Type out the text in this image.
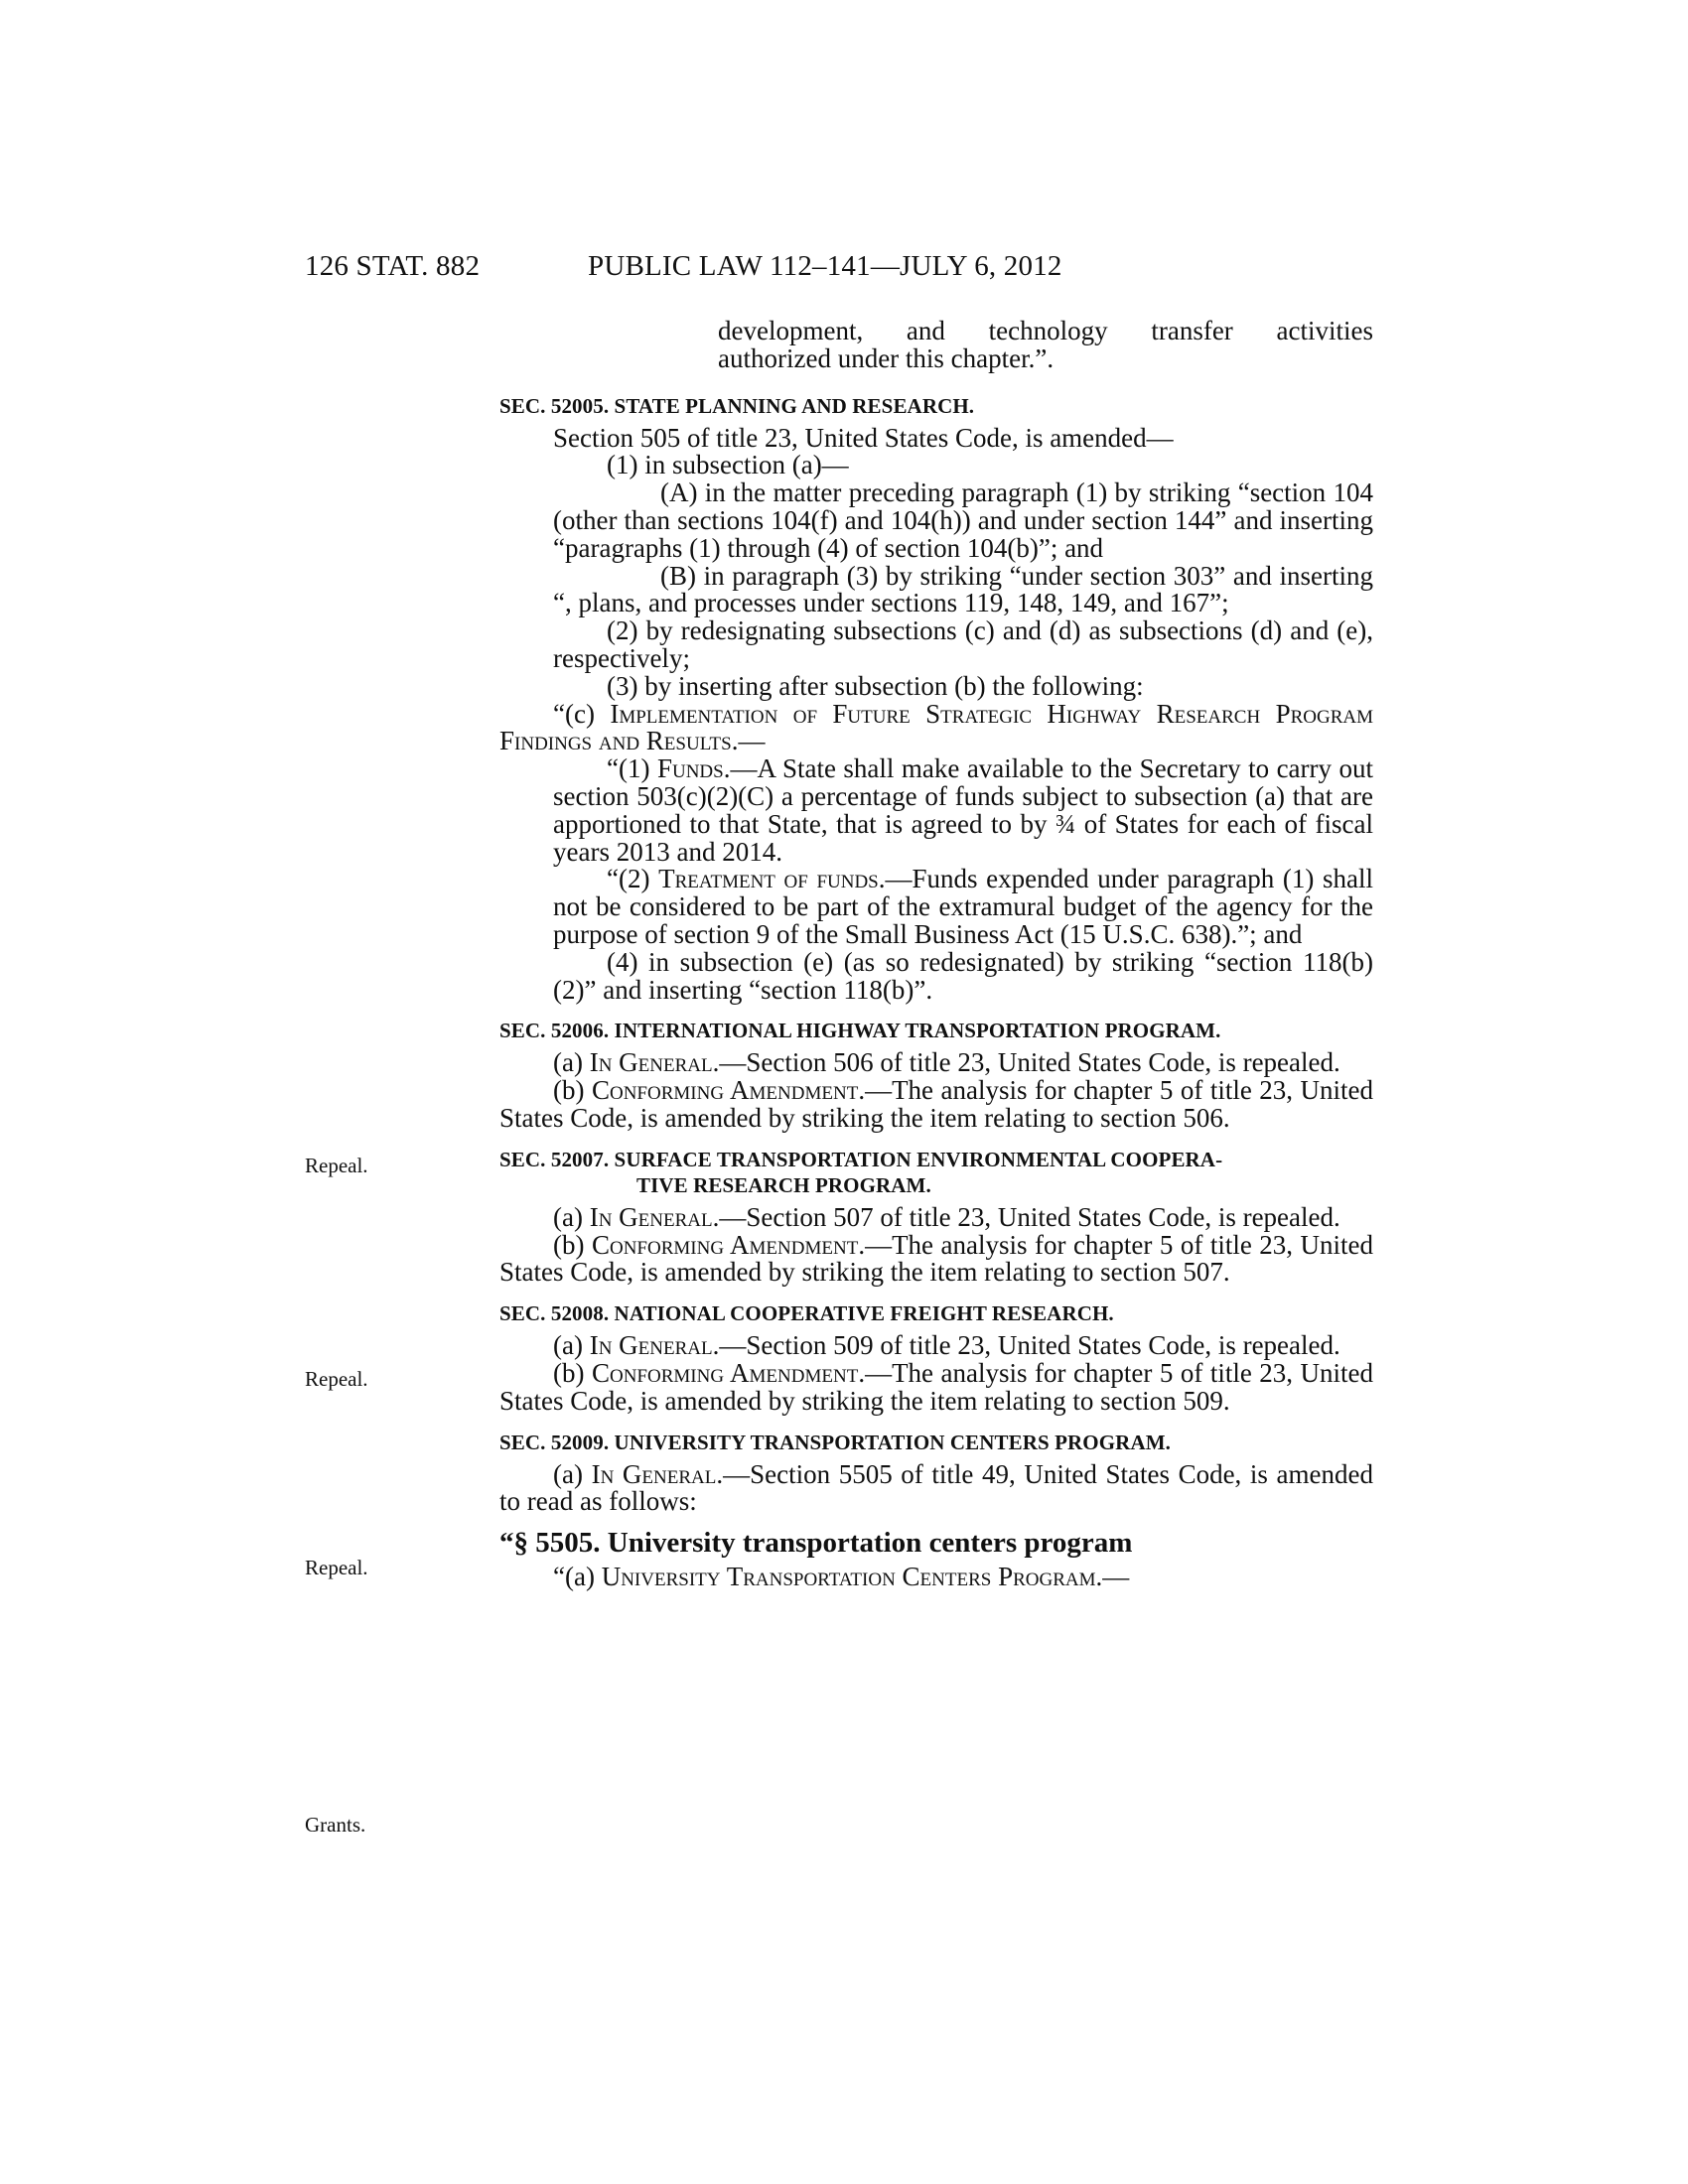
126 STAT. 882	PUBLIC LAW 112–141—JULY 6, 2012
Repeal.
Repeal.
Repeal.
Grants.

development, and technology transfer activities
authorized under this chapter.”.

SEC. 52005. STATE PLANNING AND RESEARCH.

Section 505 of title 23, United States Code, is amended—

(1) in subsection (a)—

(A) in the matter preceding paragraph (1) by striking “section 104 (other than sections 104(f) and 104(h)) and under section 144” and inserting “paragraphs (1) through (4) of section 104(b)”; and

(B) in paragraph (3) by striking “under section 303” and inserting “, plans, and processes under sections 119, 148, 149, and 167”;

(2) by redesignating subsections (c) and (d) as subsections (d) and (e), respectively;

(3) by inserting after subsection (b) the following:

“(c) Implementation of Future Strategic Highway Research Program Findings and Results.—

“(1) Funds.—A State shall make available to the Secretary to carry out section 503(c)(2)(C) a percentage of funds subject to subsection (a) that are apportioned to that State, that is agreed to by ¾ of States for each of fiscal years 2013 and 2014.

“(2) Treatment of funds.—Funds expended under paragraph (1) shall not be considered to be part of the extramural budget of the agency for the purpose of section 9 of the Small Business Act (15 U.S.C. 638).”; and

(4) in subsection (e) (as so redesignated) by striking “section 118(b)(2)” and inserting “section 118(b)”.

SEC. 52006. INTERNATIONAL HIGHWAY TRANSPORTATION PROGRAM.

(a) In General.—Section 506 of title 23, United States Code, is repealed.

(b) Conforming Amendment.—The analysis for chapter 5 of title 23, United States Code, is amended by striking the item relating to section 506.

SEC. 52007. SURFACE TRANSPORTATION ENVIRONMENTAL COOPERA-
TIVE RESEARCH PROGRAM.

(a) In General.—Section 507 of title 23, United States Code, is repealed.

(b) Conforming Amendment.—The analysis for chapter 5 of title 23, United States Code, is amended by striking the item relating to section 507.

SEC. 52008. NATIONAL COOPERATIVE FREIGHT RESEARCH.

(a) In General.—Section 509 of title 23, United States Code, is repealed.

(b) Conforming Amendment.—The analysis for chapter 5 of title 23, United States Code, is amended by striking the item relating to section 509.

SEC. 52009. UNIVERSITY TRANSPORTATION CENTERS PROGRAM.

(a) In General.—Section 5505 of title 49, United States Code, is amended to read as follows:

“§ 5505. University transportation centers program

“(a) University Transportation Centers Program.—
